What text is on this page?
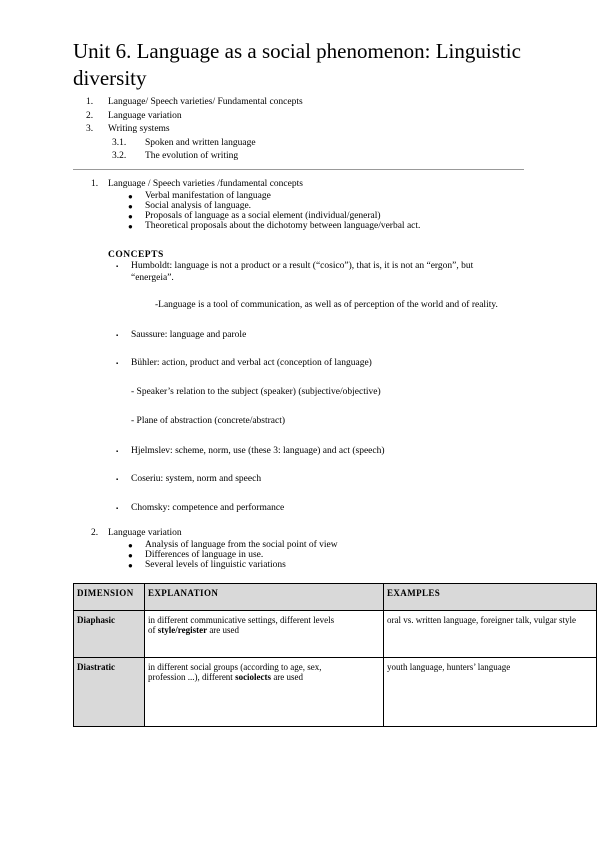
Unit 6. Language as a social phenomenon: Linguistic diversity
1. Language/ Speech varieties/ Fundamental concepts
2. Language variation
3. Writing systems
3.1. Spoken and written language
3.2. The evolution of writing
1. Language / Speech varieties /fundamental concepts
● Verbal manifestation of language
● Social analysis of language.
● Proposals of language as a social element (individual/general)
● Theoretical proposals about the dichotomy between language/verbal act.
CONCEPTS
▪ Humboldt: language is not a product or a result (“cosico”), that is, it is not an “ergon”, but
“energeia”.
-Language is a tool of communication, as well as of perception of the world and of reality.
▪ Saussure: language and parole
▪ Bühler: action, product and verbal act (conception of language)
- Speaker’s relation to the subject (speaker) (subjective/objective)
- Plane of abstraction (concrete/abstract)
▪ Hjelmslev: scheme, norm, use (these 3: language) and act (speech)
▪ Coseriu: system, norm and speech
▪ Chomsky: competence and performance
2. Language variation
● Analysis of language from the social point of view
● Differences of language in use.
● Several levels of linguistic variations
DIMENSION	EXPLANATION	EXAMPLES
Diaphasic	in different communicative settings, different levels
of style/register are used	oral vs. written language, foreigner talk, vulgar style
Diastratic	in different social groups (according to age, sex,
profession ...), different sociolects are used	youth language, hunters’ language
